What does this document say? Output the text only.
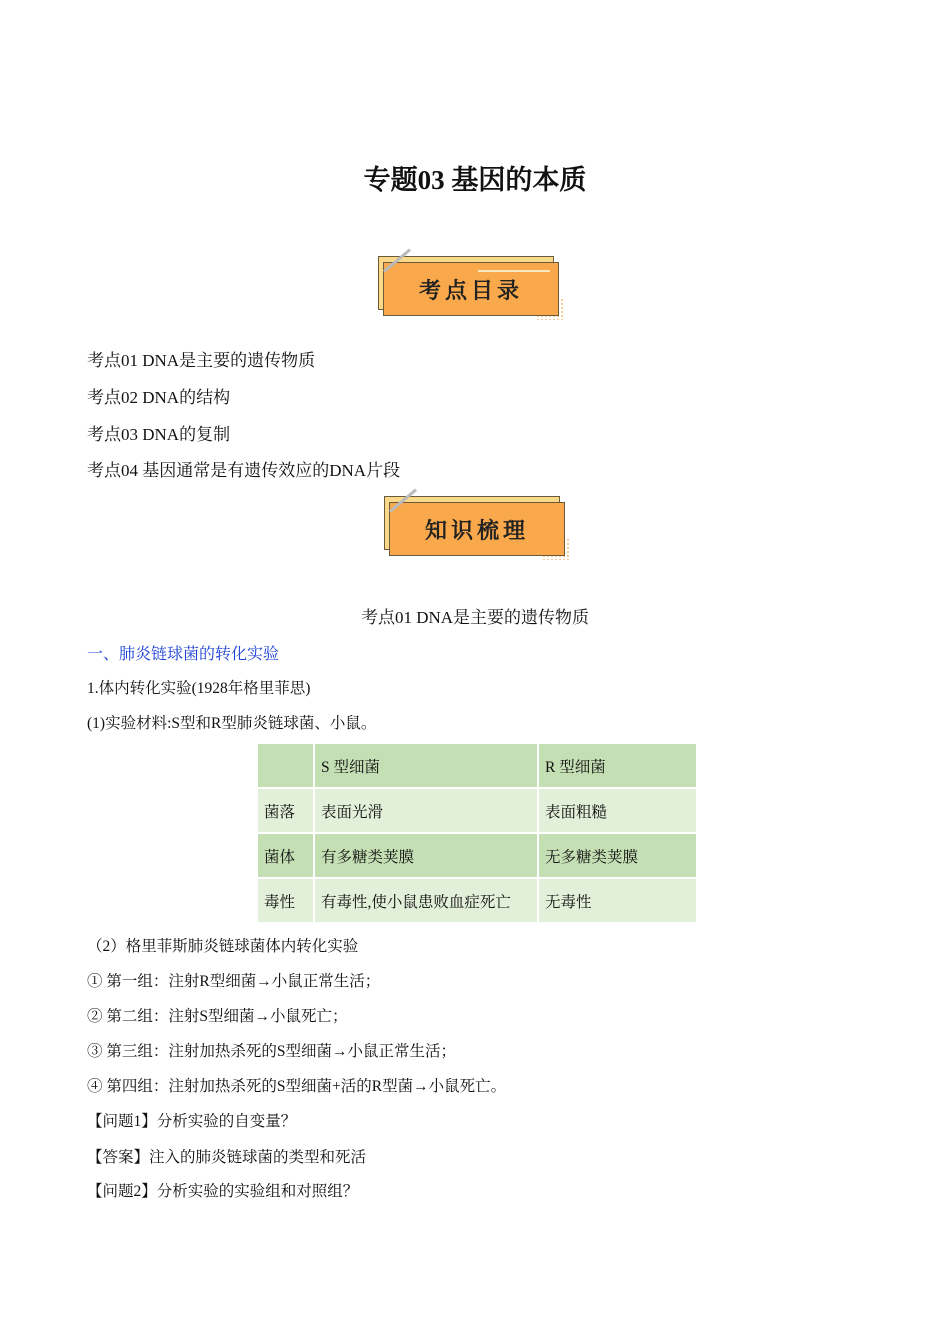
专题03 基因的本质
考点目录
考点01 DNA是主要的遗传物质
考点02 DNA的结构
考点03 DNA的复制
考点04 基因通常是有遗传效应的DNA片段
知识梳理
考点01 DNA是主要的遗传物质
一、肺炎链球菌的转化实验
1.体内转化实验(1928年格里菲思)
(1)实验材料:S型和R型肺炎链球菌、小鼠。
	S 型细菌	R 型细菌
菌落	表面光滑	表面粗糙
菌体	有多糖类荚膜	无多糖类荚膜
毒性	有毒性,使小鼠患败血症死亡	无毒性
（2）格里菲斯肺炎链球菌体内转化实验
① 第一组：注射R型细菌→小鼠正常生活；
② 第二组：注射S型细菌→小鼠死亡；
③ 第三组：注射加热杀死的S型细菌→小鼠正常生活；
④ 第四组：注射加热杀死的S型细菌+活的R型菌→小鼠死亡。
【问题1】分析实验的自变量？
【答案】注入的肺炎链球菌的类型和死活
【问题2】分析实验的实验组和对照组？
